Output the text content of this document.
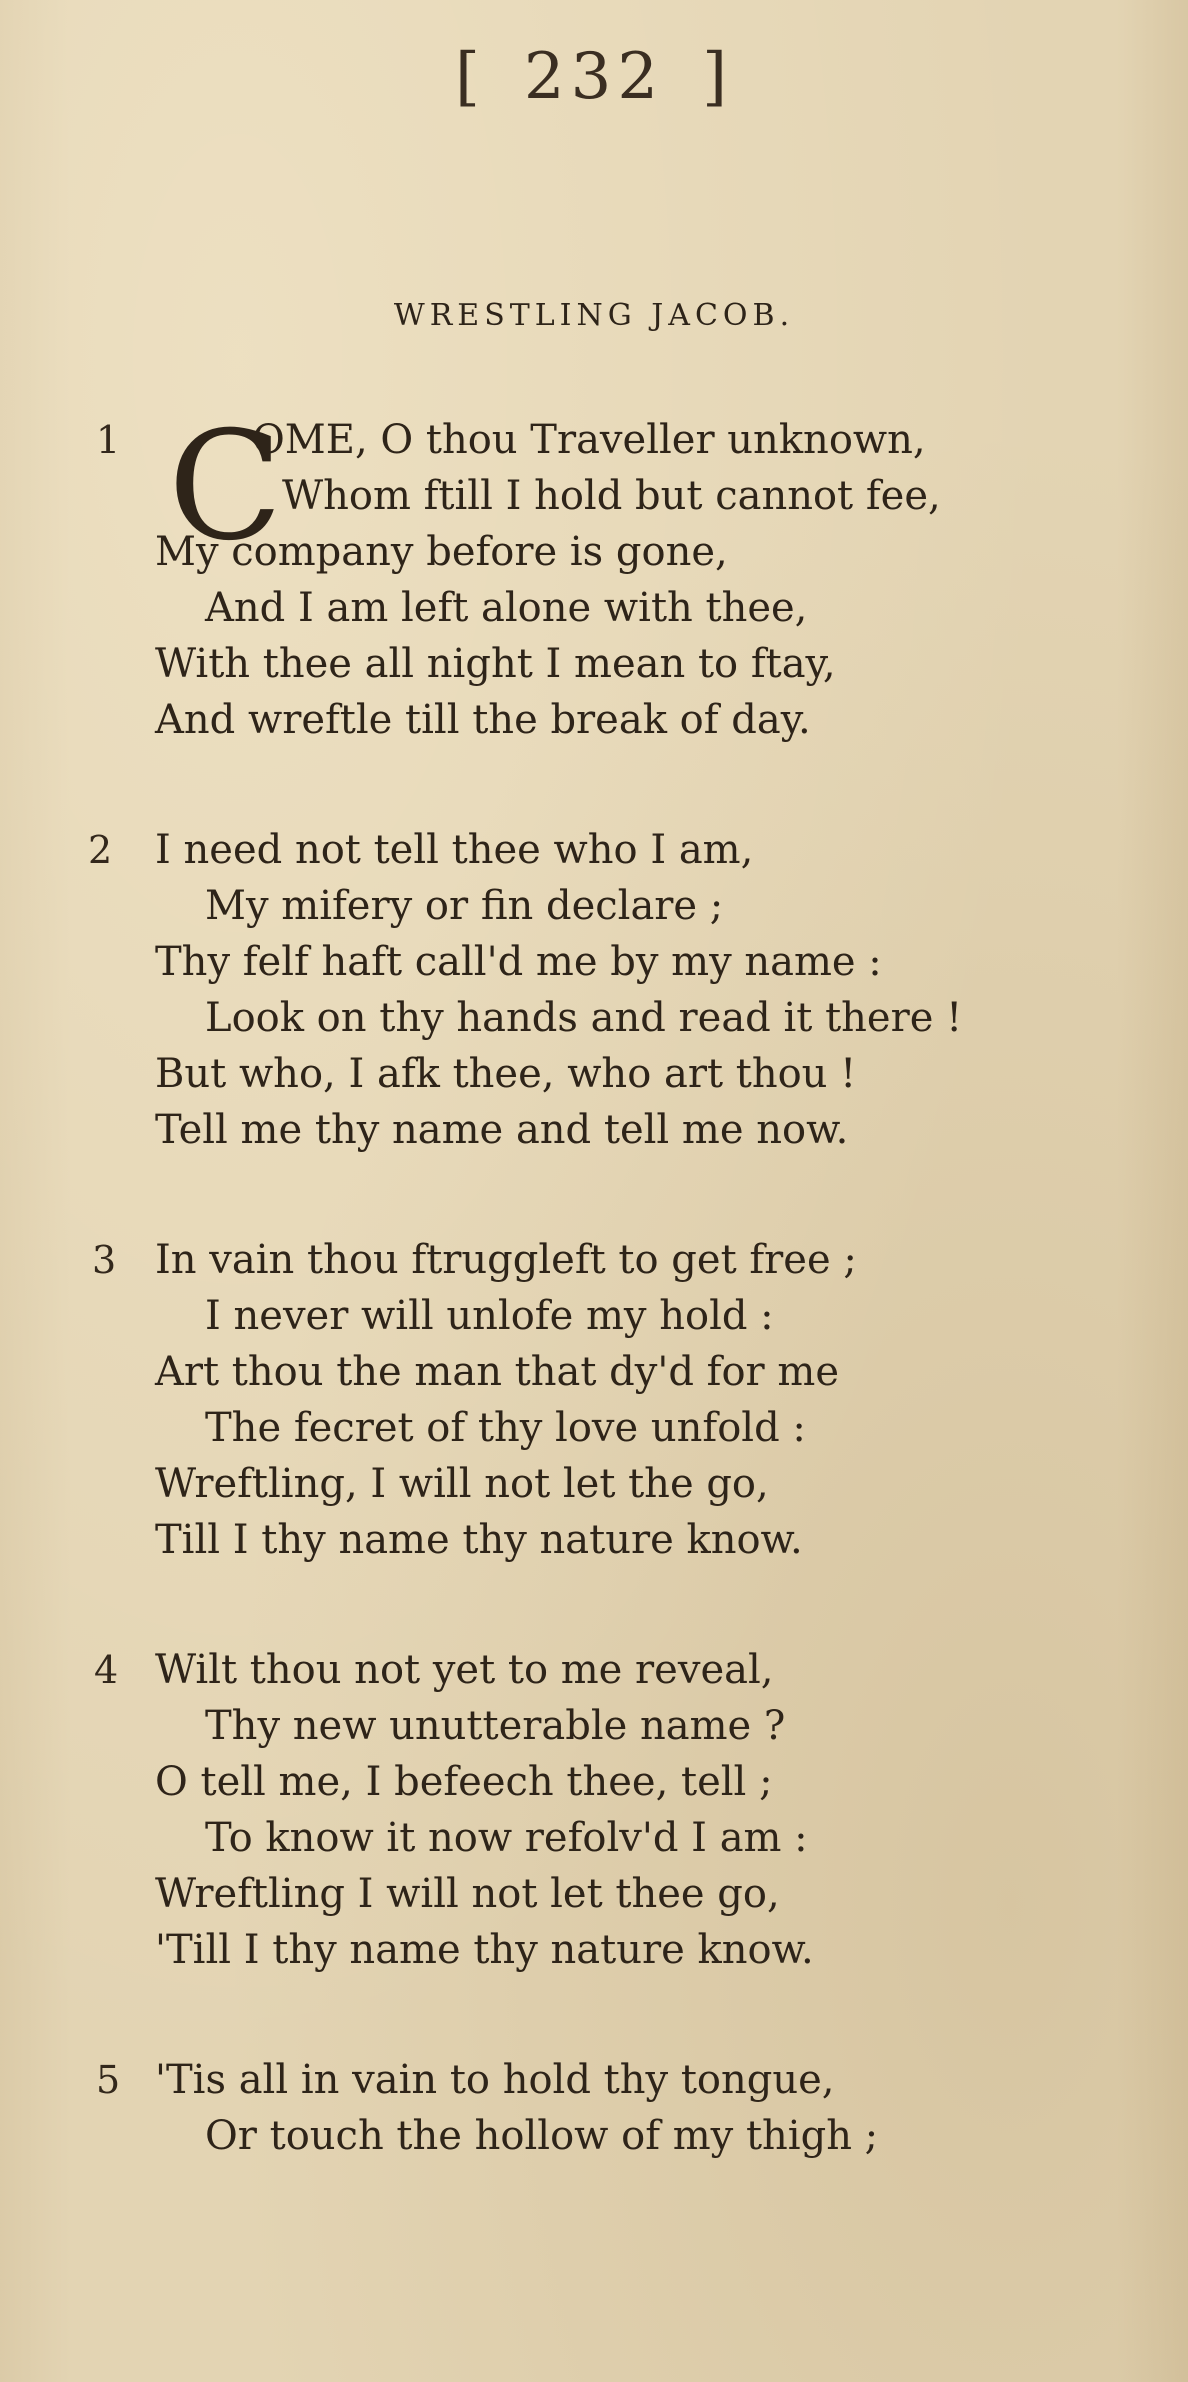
[ 232 ]
WRESTLING JACOB.
1 C
OME, O thou Traveller unknown,
Whom ftill I hold but cannot fee,
My company before is gone,
And I am left alone with thee,
With thee all night I mean to ftay,
And wreftle till the break of day.
2 I need not tell thee who I am,
My mifery or fin declare ;
Thy felf haft call'd me by my name :
Look on thy hands and read it there !
But who, I afk thee, who art thou !
Tell me thy name and tell me now.
3 In vain thou ftruggleft to get free ;
I never will unlofe my hold :
Art thou the man that dy'd for me
The fecret of thy love unfold :
Wreftling, I will not let the go,
Till I thy name thy nature know.
4 Wilt thou not yet to me reveal,
Thy new unutterable name ?
O tell me, I befeech thee, tell ;
To know it now refolv'd I am :
Wreftling I will not let thee go,
'Till I thy name thy nature know.
5 'Tis all in vain to hold thy tongue,
Or touch the hollow of my thigh ;
